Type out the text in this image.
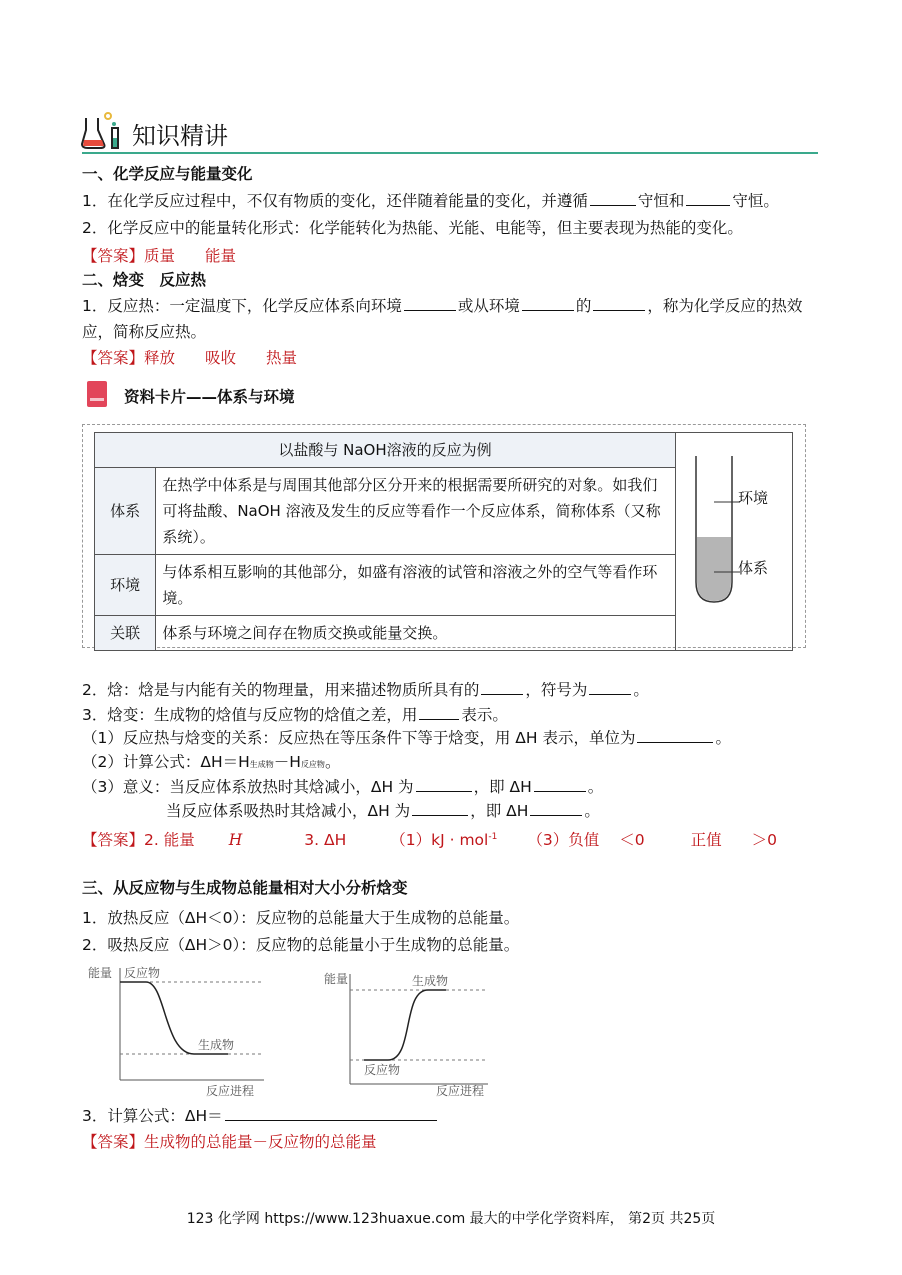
知识精讲
一、化学反应与能量变化
1．在化学反应过程中，不仅有物质的变化，还伴随着能量的变化，并遵循	守恒和	守恒。
2．化学反应中的能量转化形式：化学能转化为热能、光能、电能等，但主要表现为热能的变化。
【答案】质量 能量
二、焓变　反应热
1．反应热：一定温度下，化学反应体系向环境	或从环境	的	，称为化学反应的热效
应，简称反应热。
【答案】释放 吸收 热量
资料卡片——体系与环境
以盐酸与 NaOH溶液的反应为例	
体系	在热学中体系是与周围其他部分区分开来的根据需要所研究的对象。如我们可将盐酸、NaOH 溶液及发生的反应等看作一个反应体系，简称体系（又称系统）。	
环境	与体系相互影响的其他部分，如盛有溶液的试管和溶液之外的空气等看作环境。	
关联	体系与环境之间存在物质交换或能量交换。	
环境
体系
2．焓：焓是与内能有关的物理量，用来描述物质所具有的	，符号为	。
3．焓变：生成物的焓值与反应物的焓值之差，用	表示。
（1）反应热与焓变的关系：反应热在等压条件下等于焓变，用 ΔH 表示，单位为	。
（2）计算公式：ΔH＝H生成物－H反应物。
（3）意义：当反应体系放热时其焓减小，ΔH 为	，即 ΔH	。
当反应体系吸热时其焓减小，ΔH 为	，即 ΔH	。
【答案】2. 能量 H	3. ΔH	（1）kJ · mol$^{-1}$ （3）负值 ＜0	正值 ＞0
三、从反应物与生成物总能量相对大小分析焓变
1．放热反应（ΔH＜0）：反应物的总能量大于生成物的总能量。
2．吸热反应（ΔH＞0）：反应物的总能量小于生成物的总能量。
能量 反应物
生成物
反应进程
能量	生成物
反应物
反应进程
3．计算公式：ΔH＝
【答案】生成物的总能量－反应物的总能量
123 化学网 https://www.123huaxue.com 最大的中学化学资料库， 第2页 共25页
